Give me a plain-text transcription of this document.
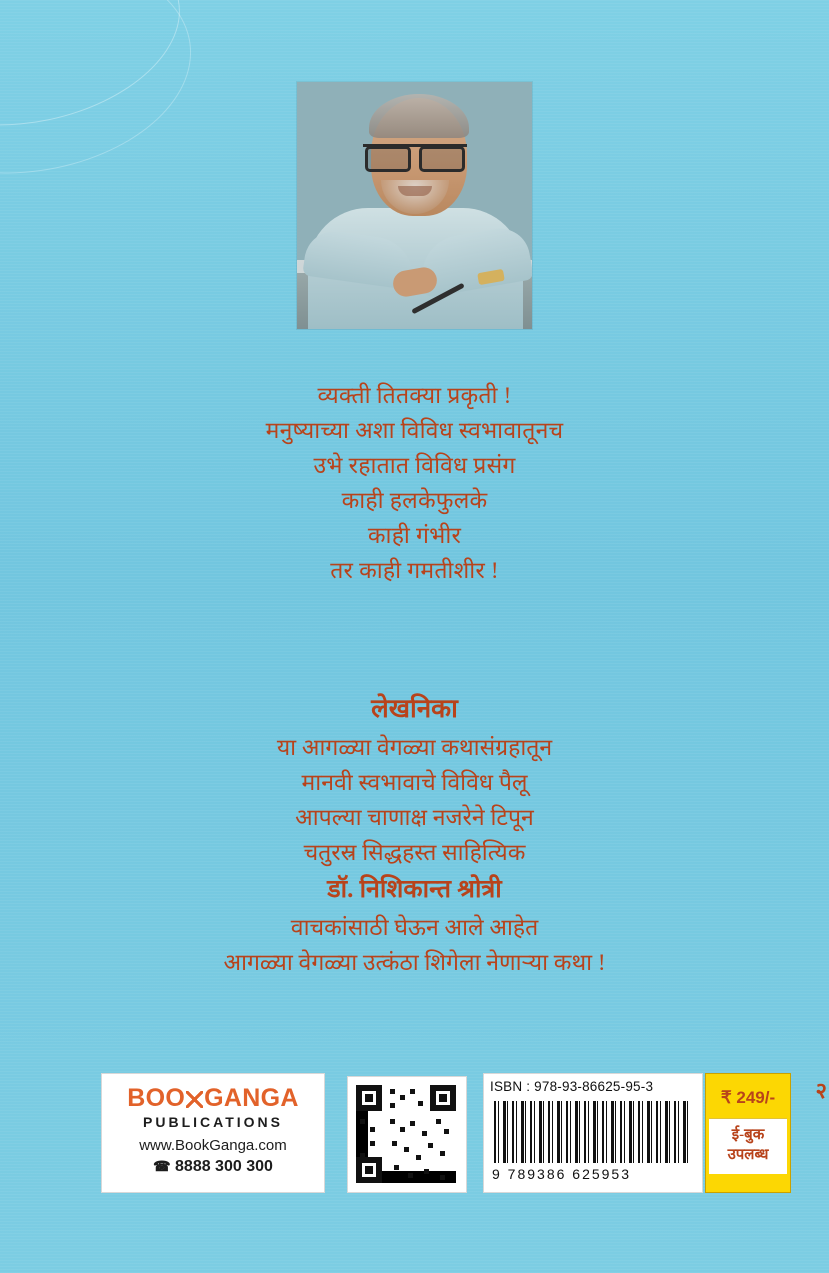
व्यक्ती तितक्या प्रकृती !
मनुष्याच्या अशा विविध स्वभावातूनच
उभे रहातात विविध प्रसंग
काही हलकेफुलके
काही गंभीर
तर काही गमतीशीर !
लेखनिका
या आगळ्या वेगळ्या कथासंग्रहातून
मानवी स्वभावाचे विविध पैलू
आपल्या चाणाक्ष नजरेने टिपून
चतुरस्र सिद्धहस्त साहित्यिक
डॉ. निशिकान्त श्रोत्री
वाचकांसाठी घेऊन आले आहेत
आगळ्या वेगळ्या उत्कंठा शिगेला नेणाऱ्या कथा !
BOO GANGA
PUBLICATIONS
www.BookGanga.com
☎ 8888 300 300
ISBN : 978-93-86625-95-3
9 789386 625953
₹ 249/-
ई-बुक
उपलब्ध
२
